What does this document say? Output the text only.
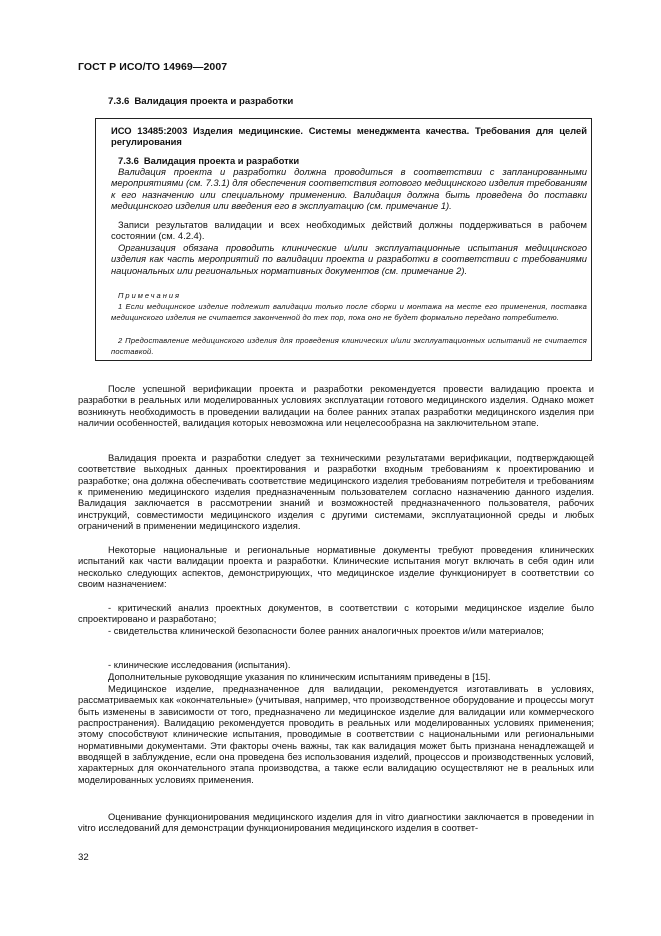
ГОСТ Р ИСО/ТО 14969—2007
7.3.6 Валидация проекта и разработки
ИСО 13485:2003 Изделия медицинские. Системы менеджмента качества. Требования для целей регулирования
7.3.6 Валидация проекта и разработки
Валидация проекта и разработки должна проводиться в соответствии с запланированными мероприятиями (см. 7.3.1) для обеспечения соответствия готового медицинского изделия требованиям к его назначению или специальному применению. Валидация должна быть проведена до поставки медицинского изделия или введения его в эксплуатацию (см. примечание 1).
Записи результатов валидации и всех необходимых действий должны поддерживаться в рабочем состоянии (см. 4.2.4).
Организация обязана проводить клинические и/или эксплуатационные испытания медицинского изделия как часть мероприятий по валидации проекта и разработки в соответствии с требованиями национальных или региональных нормативных документов (см. примечание 2).
Примечания
1 Если медицинское изделие подлежит валидации только после сборки и монтажа на месте его применения, поставка медицинского изделия не считается законченной до тех пор, пока оно не будет формально передано потребителю.
2 Предоставление медицинского изделия для проведения клинических и/или эксплуатационных испытаний не считается поставкой.
После успешной верификации проекта и разработки рекомендуется провести валидацию проекта и разработки в реальных или моделированных условиях эксплуатации готового медицинского изделия. Однако может возникнуть необходимость в проведении валидации на более ранних этапах разработки медицинского изделия при наличии особенностей, валидация которых невозможна или нецелесообразна на заключительном этапе.
Валидация проекта и разработки следует за техническими результатами верификации, подтверждающей соответствие выходных данных проектирования и разработки входным требованиям к проектированию и разработке; она должна обеспечивать соответствие медицинского изделия требованиям потребителя и требованиям к применению медицинского изделия предназначенным пользователем согласно назначению данного изделия. Валидация заключается в рассмотрении знаний и возможностей предназначенного пользователя, рабочих инструкций, совместимости медицинского изделия с другими системами, эксплуатационной среды и любых ограничений в применении медицинского изделия.
Некоторые национальные и региональные нормативные документы требуют проведения клинических испытаний как части валидации проекта и разработки. Клинические испытания могут включать в себя один или несколько следующих аспектов, демонстрирующих, что медицинское изделие функционирует в соответствии со своим назначением:
- критический анализ проектных документов, в соответствии с которыми медицинское изделие было спроектировано и разработано;
- свидетельства клинической безопасности более ранних аналогичных проектов и/или материалов;
- клинические исследования (испытания).
Дополнительные руководящие указания по клиническим испытаниям приведены в [15].
Медицинское изделие, предназначенное для валидации, рекомендуется изготавливать в условиях, рассматриваемых как «окончательные» (учитывая, например, что производственное оборудование и процессы могут быть изменены в зависимости от того, предназначено ли медицинское изделие для валидации или коммерческого распространения). Валидацию рекомендуется проводить в реальных или моделированных условиях применения; этому способствуют клинические испытания, проводимые в соответствии с национальными или региональными нормативными документами. Эти факторы очень важны, так как валидация может быть признана ненадлежащей и вводящей в заблуждение, если она проведена без использования изделий, процессов и производственных условий, характерных для окончательного этапа производства, а также если валидацию осуществляют не в реальных или моделированных условиях применения.
Оценивание функционирования медицинского изделия для in vitro диагностики заключается в проведении in vitro исследований для демонстрации функционирования медицинского изделия в соответ-
32
